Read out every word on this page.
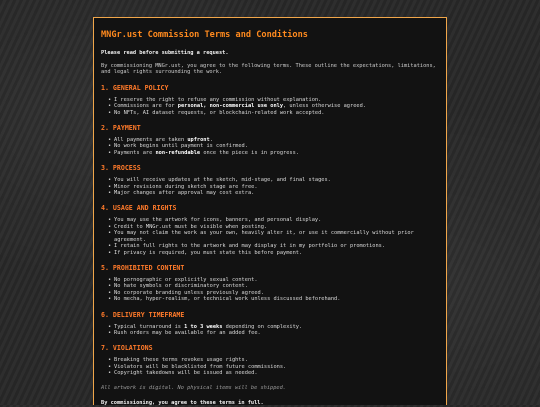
MNGr.ust Commission Terms and Conditions

Please read before submitting a request.

By commissioning MNGr.ust, you agree to the following terms. These outline the expectations, limitations, and legal rights surrounding the work.

1. GENERAL POLICY
• I reserve the right to refuse any commission without explanation.
• Commissions are for personal, non-commercial use only, unless otherwise agreed.
• No NFTs, AI dataset requests, or blockchain-related work accepted.
2. PAYMENT
• All payments are taken upfront.
• No work begins until payment is confirmed.
• Payments are non-refundable once the piece is in progress.
3. PROCESS
• You will receive updates at the sketch, mid-stage, and final stages.
• Minor revisions during sketch stage are free.
• Major changes after approval may cost extra.
4. USAGE AND RIGHTS
• You may use the artwork for icons, banners, and personal display.
• Credit to MNGr.ust must be visible when posting.
• You may not claim the work as your own, heavily alter it, or use it commercially without prior agreement.
• I retain full rights to the artwork and may display it in my portfolio or promotions.
• If privacy is required, you must state this before payment.
5. PROHIBITED CONTENT
• No pornographic or explicitly sexual content.
• No hate symbols or discriminatory content.
• No corporate branding unless previously agreed.
• No mecha, hyper-realism, or technical work unless discussed beforehand.
6. DELIVERY TIMEFRAME
• Typical turnaround is 1 to 3 weeks depending on complexity.
• Rush orders may be available for an added fee.
7. VIOLATIONS
• Breaking these terms revokes usage rights.
• Violators will be blacklisted from future commissions.
• Copyright takedowns will be issued as needed.

All artwork is digital. No physical items will be shipped.

By commissioning, you agree to these terms in full.
